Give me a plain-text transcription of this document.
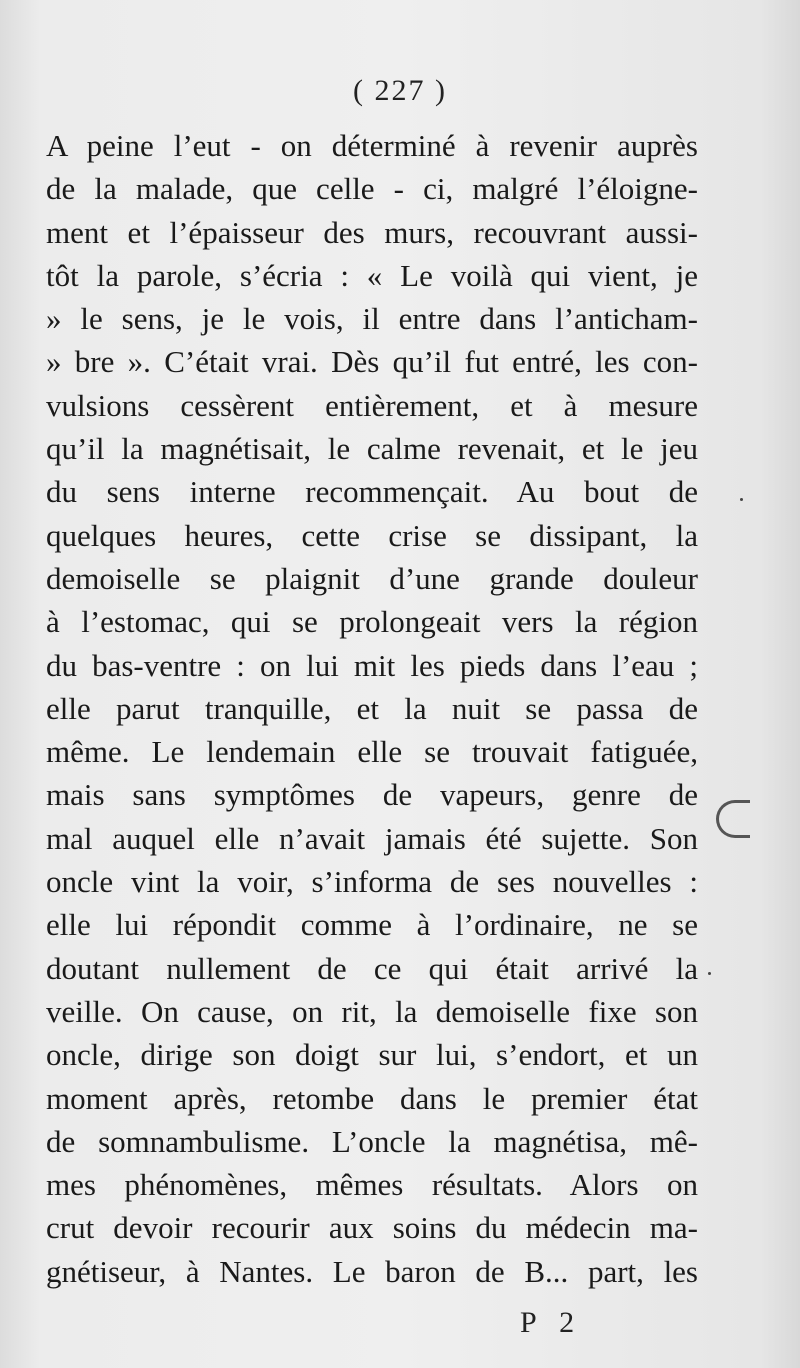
( 227 )
A peine l’eut - on déterminé à revenir auprès
de la malade, que celle - ci, malgré l’éloigne-
ment et l’épaisseur des murs, recouvrant aussi-
tôt la parole, s’écria : « Le voilà qui vient, je
» le sens, je le vois, il entre dans l’anticham-
» bre ». C’était vrai. Dès qu’il fut entré, les con-
vulsions cessèrent entièrement, et à mesure
qu’il la magnétisait, le calme revenait, et le jeu
du sens interne recommençait. Au bout de
quelques heures, cette crise se dissipant, la
demoiselle se plaignit d’une grande douleur
à l’estomac, qui se prolongeait vers la région
du bas-ventre : on lui mit les pieds dans l’eau ;
elle parut tranquille, et la nuit se passa de
même. Le lendemain elle se trouvait fatiguée,
mais sans symptômes de vapeurs, genre de
mal auquel elle n’avait jamais été sujette. Son
oncle vint la voir, s’informa de ses nouvelles :
elle lui répondit comme à l’ordinaire, ne se
doutant nullement de ce qui était arrivé la
veille. On cause, on rit, la demoiselle fixe son
oncle, dirige son doigt sur lui, s’endort, et un
moment après, retombe dans le premier état
de somnambulisme. L’oncle la magnétisa, mê-
mes phénomènes, mêmes résultats. Alors on
crut devoir recourir aux soins du médecin ma-
gnétiseur, à Nantes. Le baron de B... part, les
P 2
